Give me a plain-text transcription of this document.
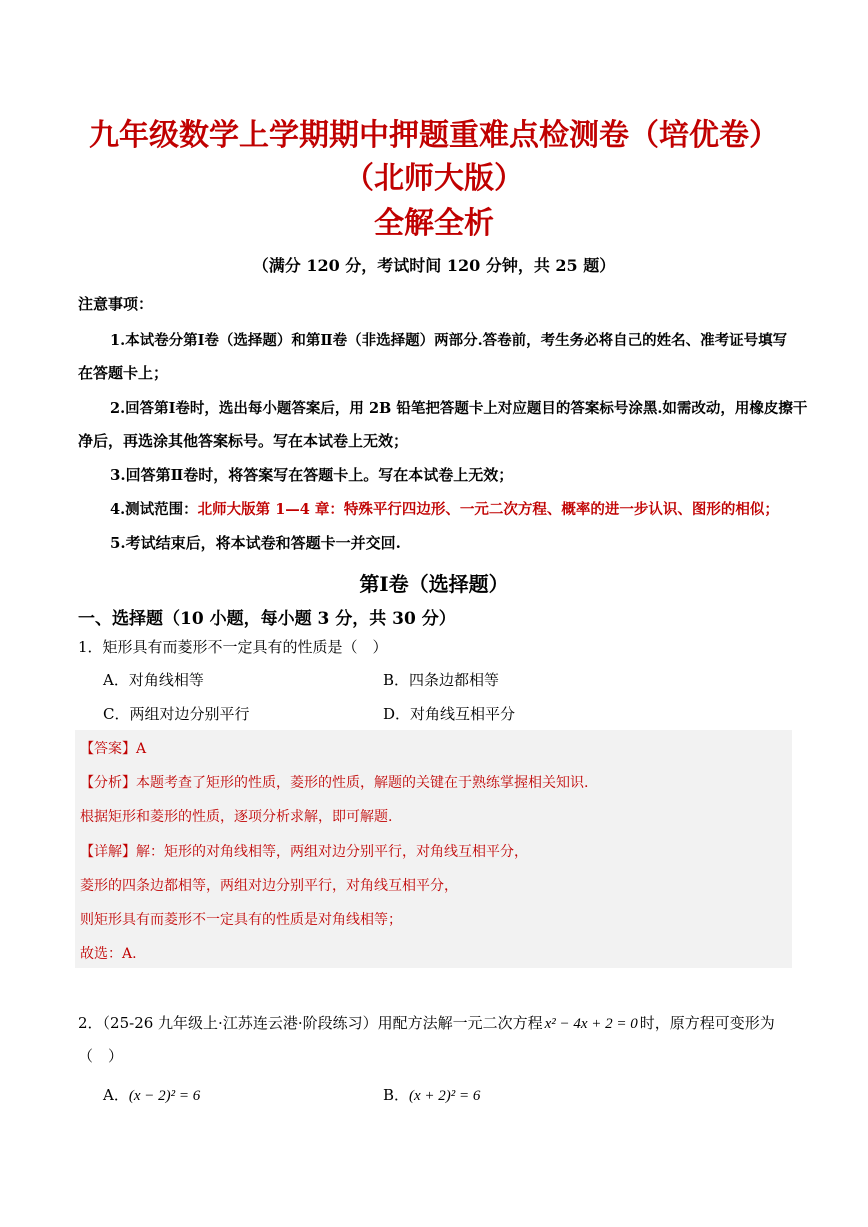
九年级数学上学期期中押题重难点检测卷（培优卷）
（北师大版）
全解全析
（满分 120 分，考试时间 120 分钟，共 25 题）
注意事项：
1.本试卷分第Ⅰ卷（选择题）和第Ⅱ卷（非选择题）两部分.答卷前，考生务必将自己的姓名、准考证号填写
在答题卡上；
2.回答第Ⅰ卷时，选出每小题答案后，用 2B 铅笔把答题卡上对应题目的答案标号涂黑.如需改动，用橡皮擦干
净后，再选涂其他答案标号。写在本试卷上无效；
3.回答第Ⅱ卷时，将答案写在答题卡上。写在本试卷上无效；
4.测试范围：北师大版第 1—4 章：特殊平行四边形、一元二次方程、概率的进一步认识、图形的相似；
5.考试结束后，将本试卷和答题卡一并交回.
第Ⅰ卷（选择题）
一、选择题（10 小题，每小题 3 分，共 30 分）
1．矩形具有而菱形不一定具有的性质是（　）
A．对角线相等	B．四条边都相等
C．两组对边分别平行	D．对角线互相平分
【答案】A
【分析】本题考查了矩形的性质，菱形的性质，解题的关键在于熟练掌握相关知识.
根据矩形和菱形的性质，逐项分析求解，即可解题.
【详解】解：矩形的对角线相等，两组对边分别平行，对角线互相平分，
菱形的四条边都相等，两组对边分别平行，对角线互相平分，
则矩形具有而菱形不一定具有的性质是对角线相等；
故选：A.
2．（25-26 九年级上·江苏连云港·阶段练习）用配方法解一元二次方程 x² − 4x + 2 = 0 时，原方程可变形为
（　）
A．(x − 2)² = 6	B．(x + 2)² = 6
